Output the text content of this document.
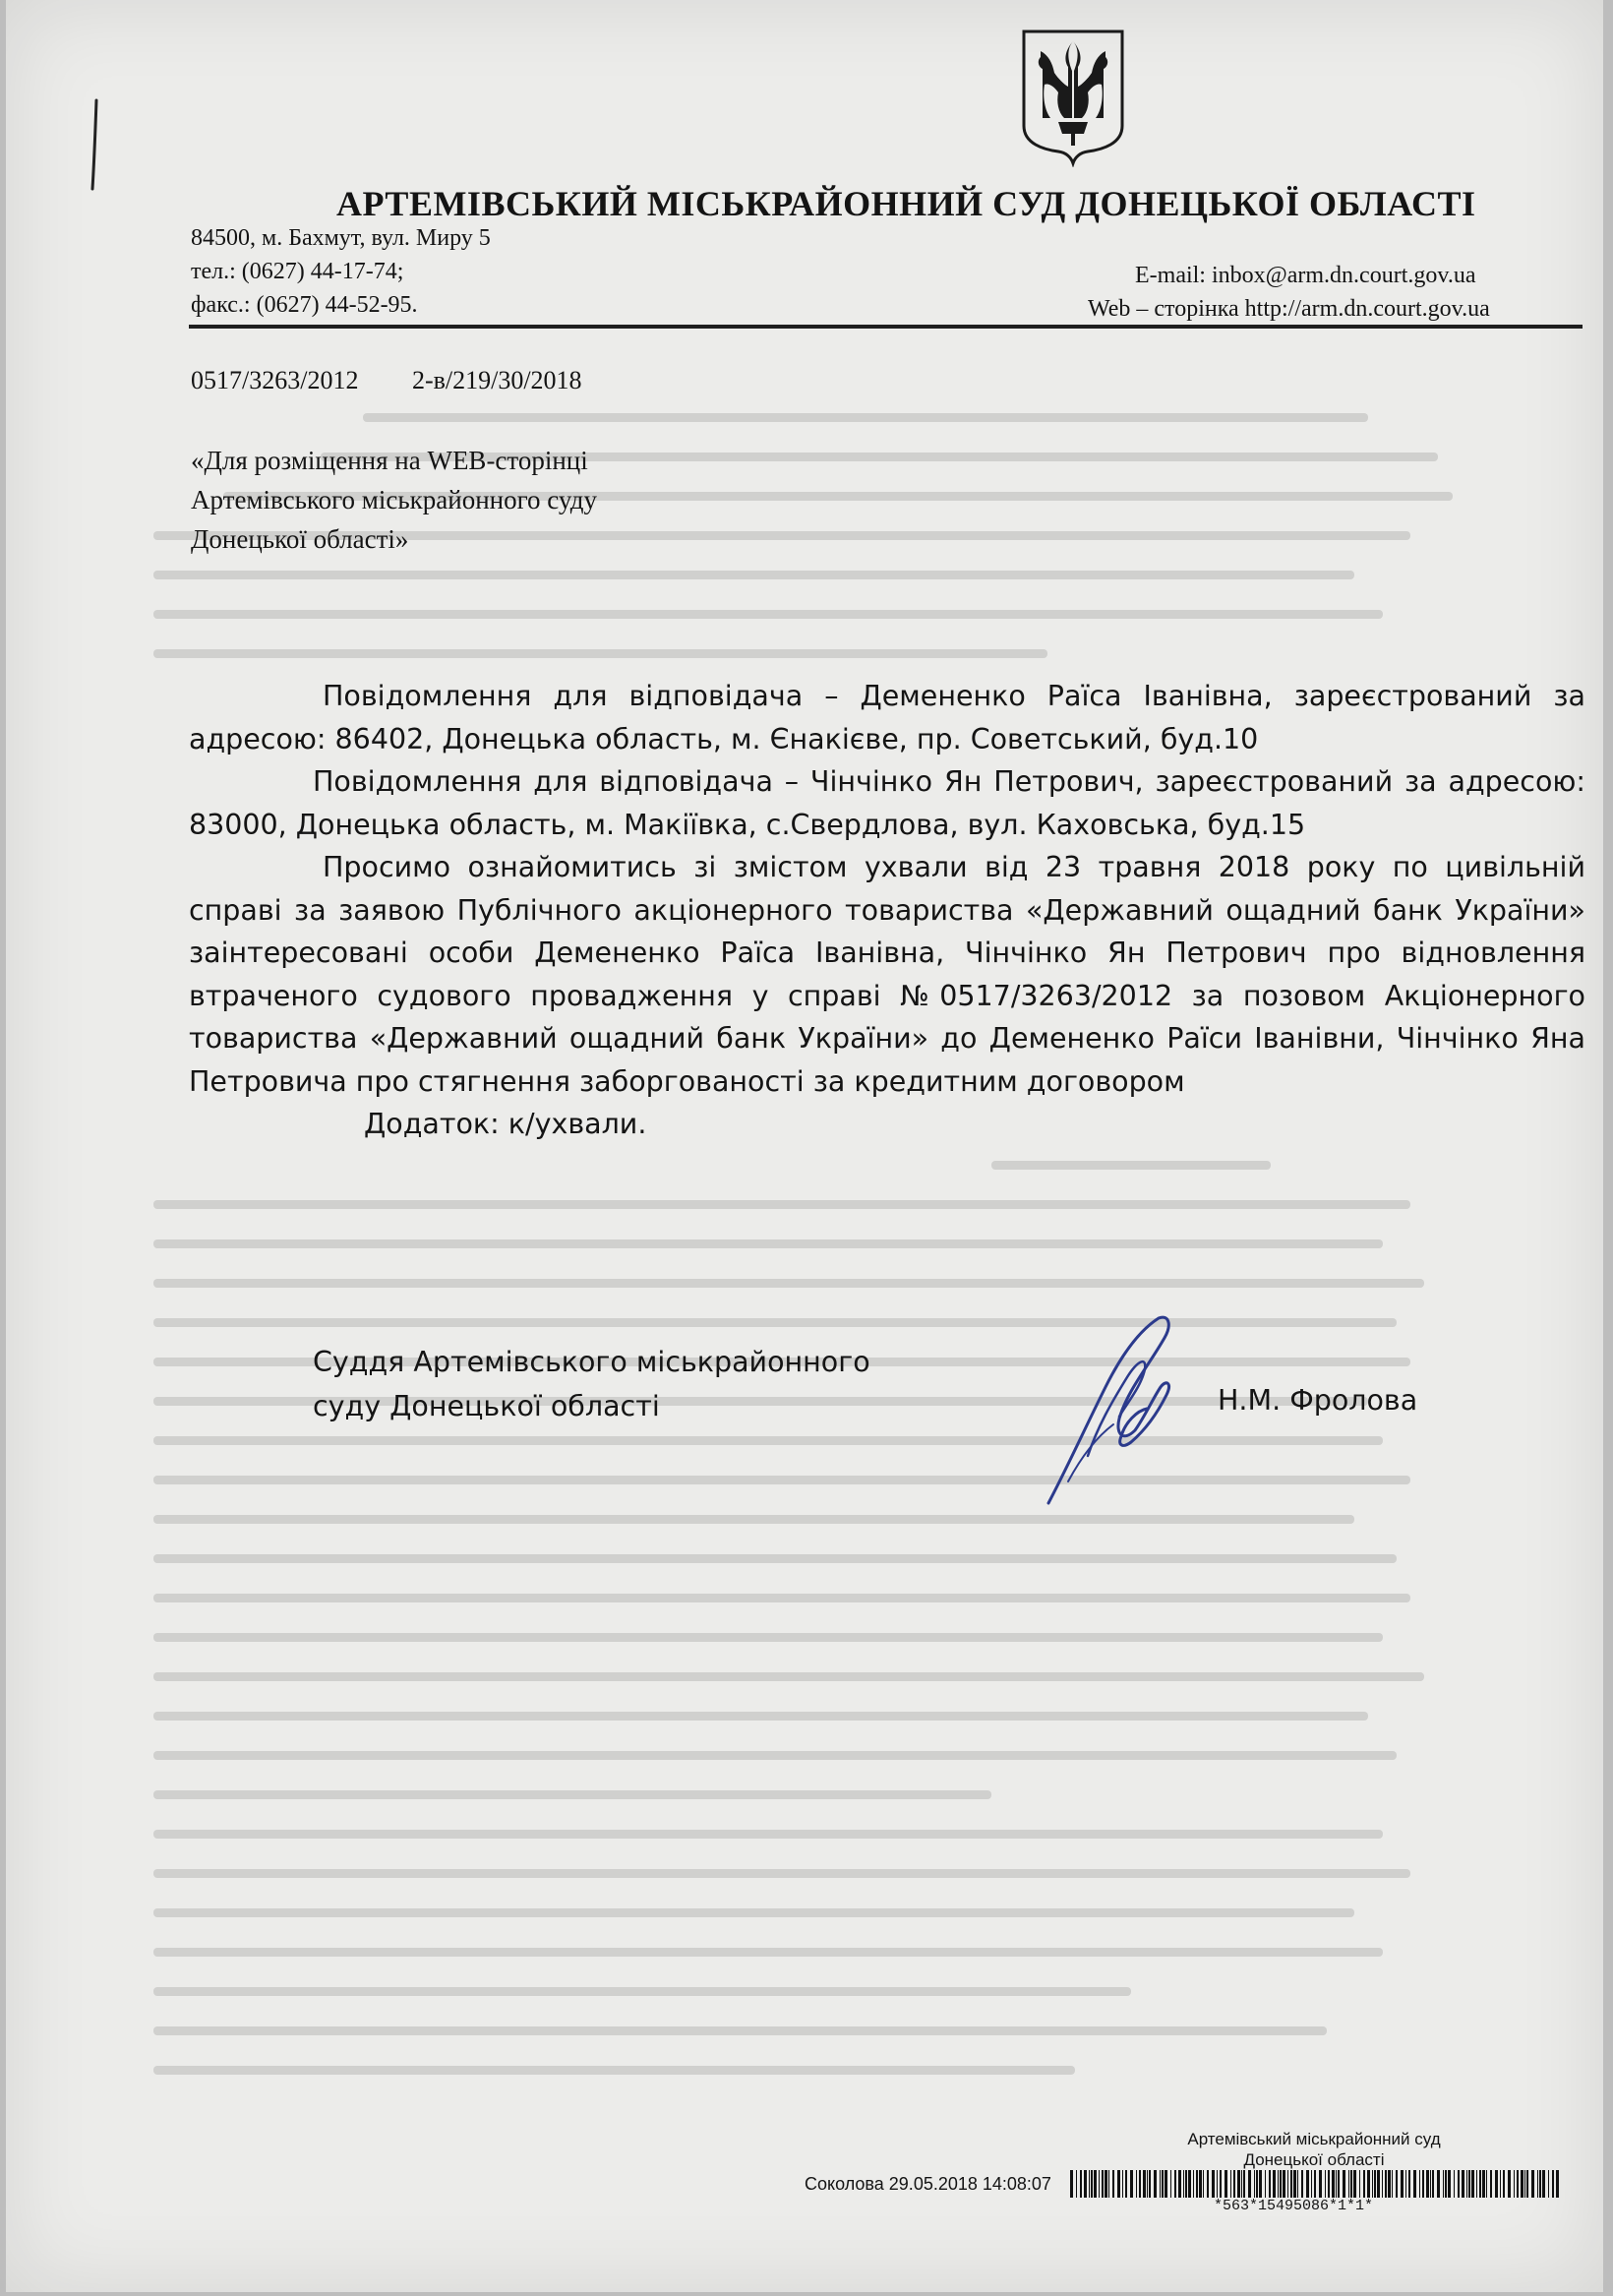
АРТЕМІВСЬКИЙ МІСЬКРАЙОННИЙ СУД ДОНЕЦЬКОЇ ОБЛАСТІ
84500, м. Бахмут, вул. Миру 5
тел.: (0627) 44-17-74;
факс.: (0627) 44-52-95.
E-mail: inbox@arm.dn.court.gov.ua
Web – сторінка http://arm.dn.court.gov.ua
0517/3263/2012 2-в/219/30/2018
«Для розміщення на WEB-сторінці
Артемівського міськрайонного суду
Донецької області»

Повідомлення для відповідача – Демененко Раїса Іванівна, зареєстрований за адресою: 86402, Донецька область, м. Єнакієве, пр. Советський, буд.10

Повідомлення для відповідача – Чінчінко Ян Петрович, зареєстрований за адресою: 83000, Донецька область, м. Макіївка, с.Свердлова, вул. Каховська, буд.15

Просимо ознайомитись зі змістом ухвали від 23 травня 2018 року по цивільній справі за заявою Публічного акціонерного товариства «Державний ощадний банк України» заінтересовані особи Демененко Раїса Іванівна, Чінчінко Ян Петрович про відновлення втраченого судового провадження у справі №0517/3263/2012 за позовом Акціонерного товариства «Державний ощадний банк України» до Демененко Раїси Іванівни, Чінчінко Яна Петровича про стягнення заборгованості за кредитним договором

Додаток: к/ухвали.

Суддя Артемівського міськрайонного
суду Донецької області	Н.М. Фролова
Артемівський міськрайонний суд
Донецької області
Соколова 29.05.2018 14:08:07
*563*15495086*1*1*
